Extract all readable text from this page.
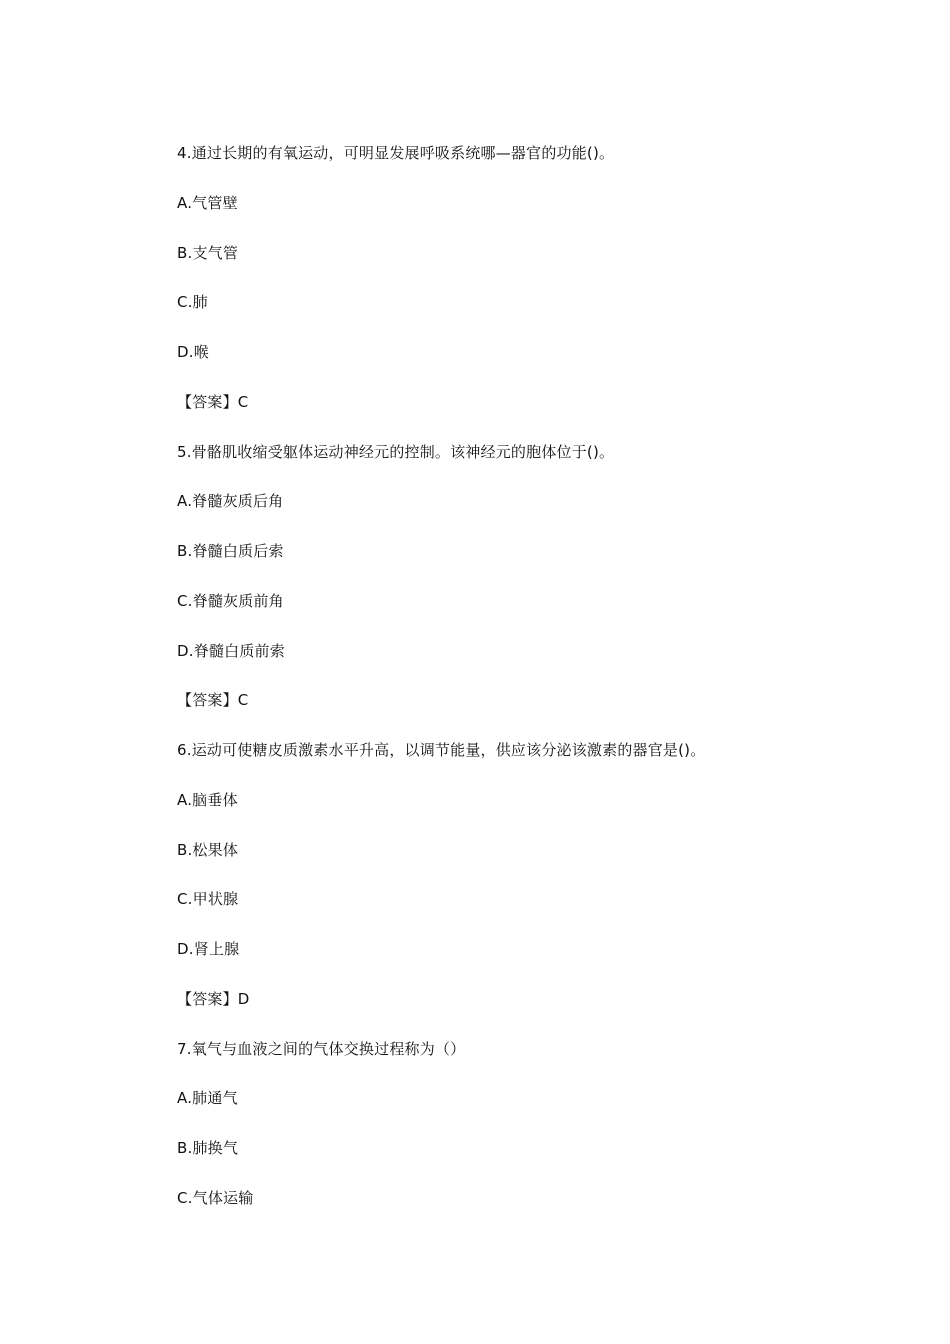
4.通过长期的有氧运动，可明显发展呼吸系统哪—器官的功能()。
A.气管壁
B.支气管
C.肺
D.喉
【答案】C
5.骨骼肌收缩受躯体运动神经元的控制。该神经元的胞体位于()。
A.脊髓灰质后角
B.脊髓白质后索
C.脊髓灰质前角
D.脊髓白质前索
【答案】C
6.运动可使糖皮质激素水平升高，以调节能量，供应该分泌该激素的器官是()。
A.脑垂体
B.松果体
C.甲状腺
D.肾上腺
【答案】D
7.氧气与血液之间的气体交换过程称为（）
A.肺通气
B.肺换气
C.气体运输
